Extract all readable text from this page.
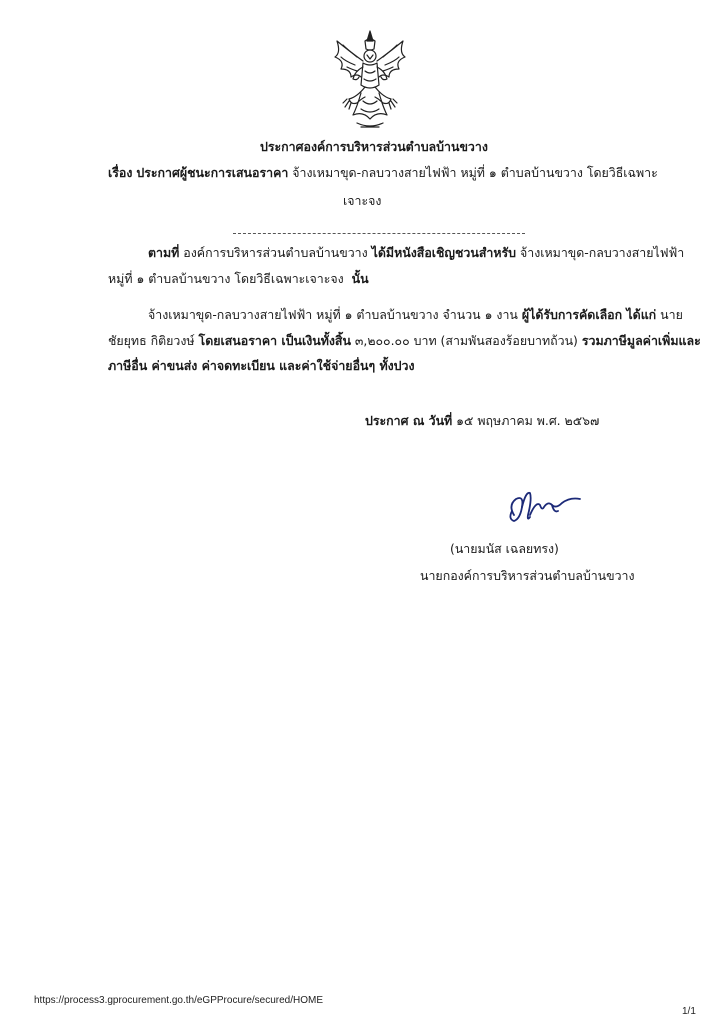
ประกาศองค์การบริหารส่วนตำบลบ้านขวาง
เรื่อง ประกาศผู้ชนะการเสนอราคา จ้างเหมาขุด-กลบวางสายไฟฟ้า หมู่ที่ ๑ ตำบลบ้านขวาง โดยวิธีเฉพาะ
เจาะจง
ตามที่ องค์การบริหารส่วนตำบลบ้านขวาง ได้มีหนังสือเชิญชวนสำหรับ จ้างเหมาขุด-กลบวางสายไฟฟ้า
หมู่ที่ ๑ ตำบลบ้านขวาง โดยวิธีเฉพาะเจาะจง นั้น
จ้างเหมาขุด-กลบวางสายไฟฟ้า หมู่ที่ ๑ ตำบลบ้านขวาง จำนวน ๑ งาน ผู้ได้รับการคัดเลือก ได้แก่ นาย
ชัยยุทธ กิติยวงษ์ โดยเสนอราคา เป็นเงินทั้งสิ้น ๓,๒๐๐.๐๐ บาท (สามพันสองร้อยบาทถ้วน) รวมภาษีมูลค่าเพิ่มและ
ภาษีอื่น ค่าขนส่ง ค่าจดทะเบียน และค่าใช้จ่ายอื่นๆ ทั้งปวง
ประกาศ ณ วันที่ ๑๕ พฤษภาคม พ.ศ. ๒๕๖๗
(นายมนัส เฉลยทรง)
นายกองค์การบริหารส่วนตำบลบ้านขวาง
https://process3.gprocurement.go.th/eGPProcure/secured/HOME
1/1
